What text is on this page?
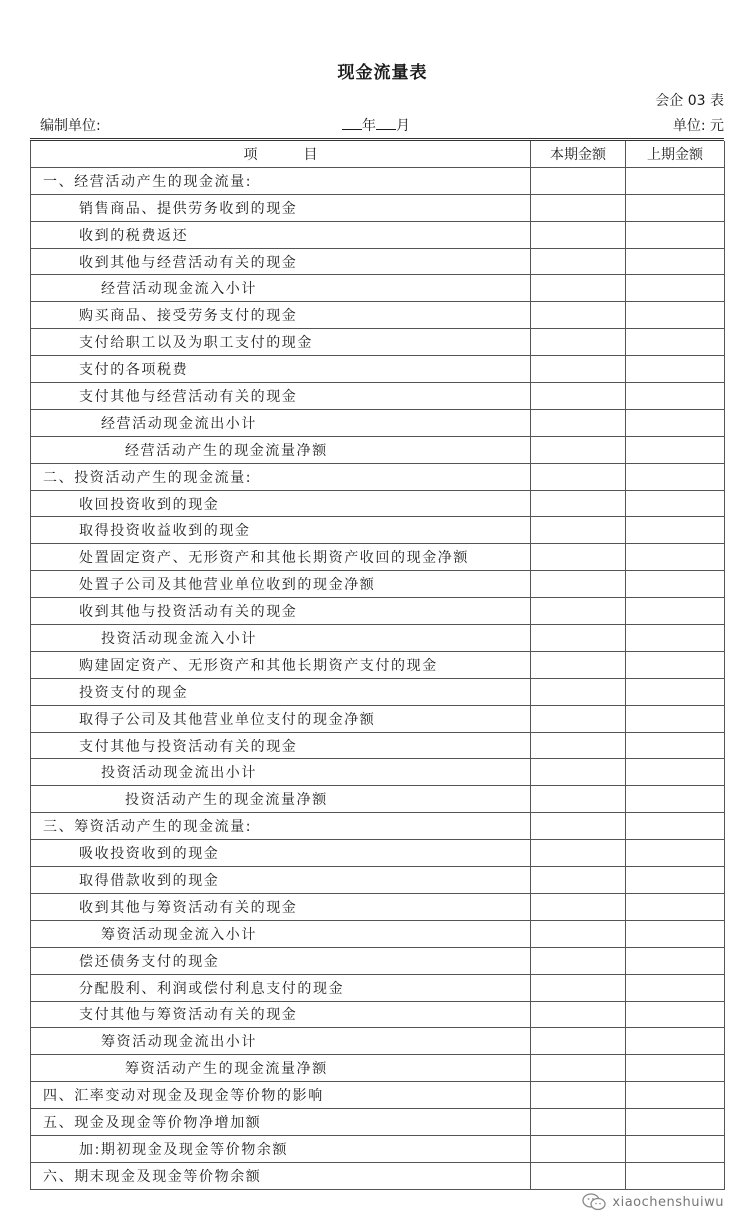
现金流量表
会企 03 表
编制单位:	年 月	单位: 元
项目	本期金额	上期金额
一、经营活动产生的现金流量:		
销售商品、提供劳务收到的现金		
收到的税费返还		
收到其他与经营活动有关的现金		
经营活动现金流入小计		
购买商品、接受劳务支付的现金		
支付给职工以及为职工支付的现金		
支付的各项税费		
支付其他与经营活动有关的现金		
经营活动现金流出小计		
经营活动产生的现金流量净额		
二、投资活动产生的现金流量:		
收回投资收到的现金		
取得投资收益收到的现金		
处置固定资产、无形资产和其他长期资产收回的现金净额		
处置子公司及其他营业单位收到的现金净额		
收到其他与投资活动有关的现金		
投资活动现金流入小计		
购建固定资产、无形资产和其他长期资产支付的现金		
投资支付的现金		
取得子公司及其他营业单位支付的现金净额		
支付其他与投资活动有关的现金		
投资活动现金流出小计		
投资活动产生的现金流量净额		
三、筹资活动产生的现金流量:		
吸收投资收到的现金		
取得借款收到的现金		
收到其他与筹资活动有关的现金		
筹资活动现金流入小计		
偿还债务支付的现金		
分配股利、利润或偿付利息支付的现金		
支付其他与筹资活动有关的现金		
筹资活动现金流出小计		
筹资活动产生的现金流量净额		
四、汇率变动对现金及现金等价物的影响		
五、现金及现金等价物净增加额		
加:期初现金及现金等价物余额		
六、期末现金及现金等价物余额		
xiaochenshuiwu
